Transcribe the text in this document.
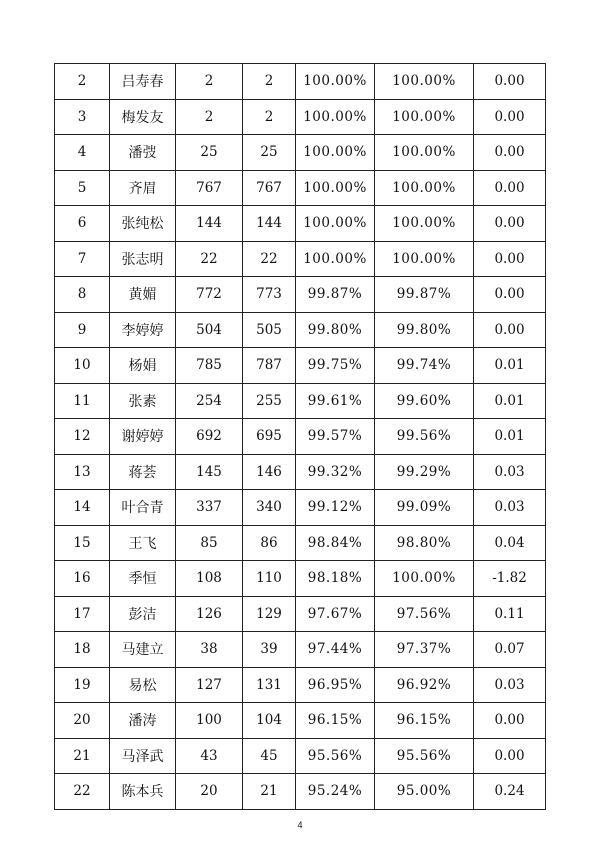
2	吕寿春	2	2	100.00%	100.00%	0.00
3	梅发友	2	2	100.00%	100.00%	0.00
4	潘弢	25	25	100.00%	100.00%	0.00
5	齐眉	767	767	100.00%	100.00%	0.00
6	张纯松	144	144	100.00%	100.00%	0.00
7	张志明	22	22	100.00%	100.00%	0.00
8	黄媚	772	773	99.87%	99.87%	0.00
9	李婷婷	504	505	99.80%	99.80%	0.00
10	杨娟	785	787	99.75%	99.74%	0.01
11	张素	254	255	99.61%	99.60%	0.01
12	谢婷婷	692	695	99.57%	99.56%	0.01
13	蒋荟	145	146	99.32%	99.29%	0.03
14	叶合青	337	340	99.12%	99.09%	0.03
15	王飞	85	86	98.84%	98.80%	0.04
16	季恒	108	110	98.18%	100.00%	-1.82
17	彭洁	126	129	97.67%	97.56%	0.11
18	马建立	38	39	97.44%	97.37%	0.07
19	易松	127	131	96.95%	96.92%	0.03
20	潘涛	100	104	96.15%	96.15%	0.00
21	马泽武	43	45	95.56%	95.56%	0.00
22	陈本兵	20	21	95.24%	95.00%	0.24
4
